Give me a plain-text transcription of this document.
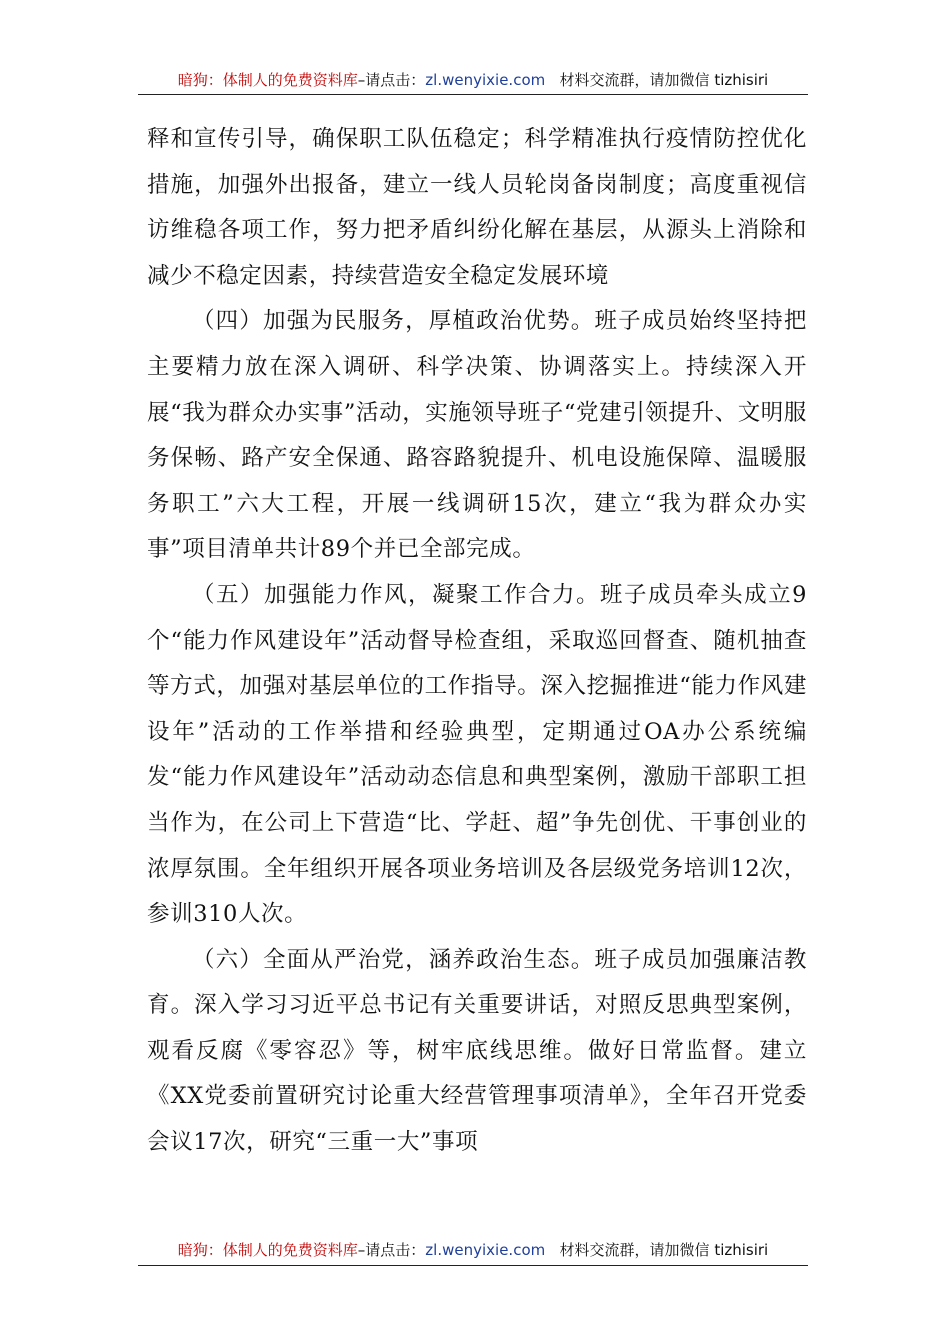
暗狗：体制人的免费资料库–请点击：zl.wenyixie.com 材料交流群，请加微信 tizhisiri

释和宣传引导，确保职工队伍稳定；科学精准执行疫情防控优化措施，加强外出报备，建立一线人员轮岗备岗制度；高度重视信访维稳各项工作，努力把矛盾纠纷化解在基层，从源头上消除和减少不稳定因素，持续营造安全稳定发展环境

（四）加强为民服务，厚植政治优势。班子成员始终坚持把主要精力放在深入调研、科学决策、协调落实上。持续深入开展“我为群众办实事”活动，实施领导班子“党建引领提升、文明服务保畅、路产安全保通、路容路貌提升、机电设施保障、温暖服务职工”六大工程，开展一线调研15次，建立“我为群众办实事”项目清单共计89个并已全部完成。

（五）加强能力作风，凝聚工作合力。班子成员牵头成立9个“能力作风建设年”活动督导检查组，采取巡回督查、随机抽查等方式，加强对基层单位的工作指导。深入挖掘推进“能力作风建设年”活动的工作举措和经验典型，定期通过OA办公系统编发“能力作风建设年”活动动态信息和典型案例，激励干部职工担当作为，在公司上下营造“比、学赶、超”争先创优、干事创业的浓厚氛围。全年组织开展各项业务培训及各层级党务培训12次，参训310人次。

（六）全面从严治党，涵养政治生态。班子成员加强廉洁教育。深入学习习近平总书记有关重要讲话，对照反思典型案例，观看反腐《零容忍》等，树牢底线思维。做好日常监督。建立《XX党委前置研究讨论重大经营管理事项清单》，全年召开党委会议17次，研究“三重一大”事项

暗狗：体制人的免费资料库–请点击：zl.wenyixie.com 材料交流群，请加微信 tizhisiri
